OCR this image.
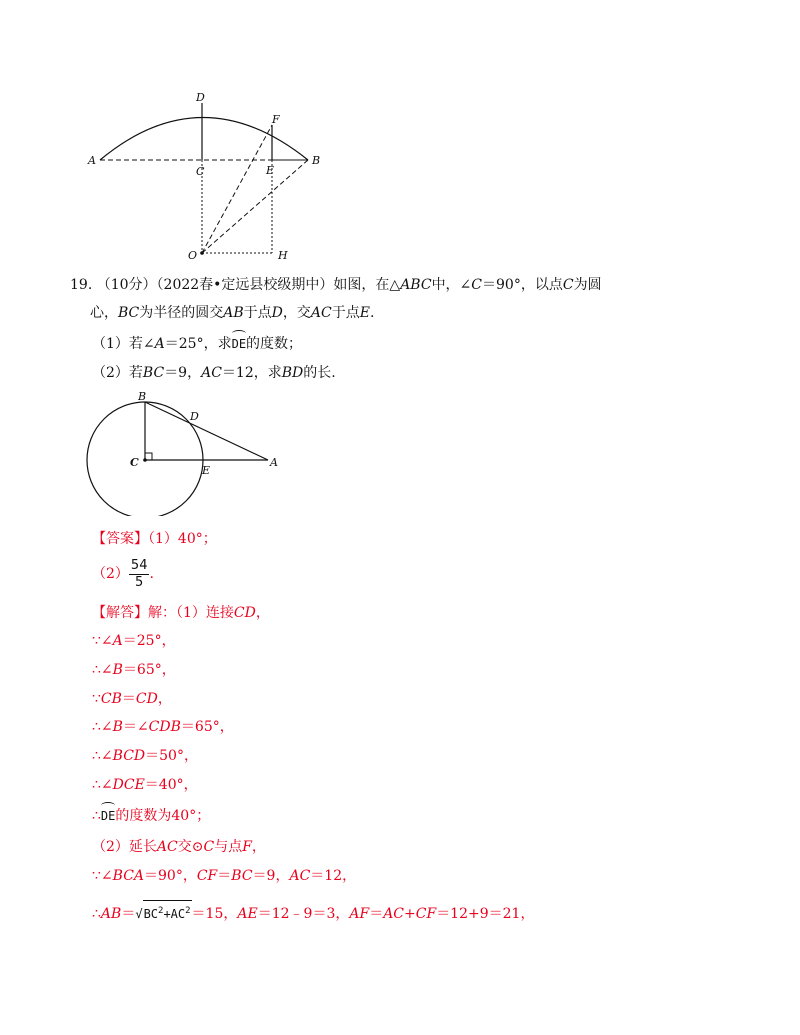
A	B
C
D
E
F
O	H
19. （10分）（2022春•定远县校级期中）如图，在△ABC中，∠C＝90°，以点C为圆
心，BC为半径的圆交AB于点D，交AC于点E.
（1）若∠A＝25°，求DE的度数；
（2）若BC＝9，AC＝12，求BD的长.
B
C
D
E
A
【答案】（1）40°；
$(2) \frac{54}{5}$ .
【解答】解：（1）连接CD，
∵∠A＝25°，
∴∠B＝65°，
∵CB＝CD，
∴∠B＝∠CDB＝65°，
∴∠BCD＝50°，
∴∠DCE＝40°，
∴DE的度数为40°；
（2）延长AC交⊙C与点F，
∵∠BCA＝90°，CF＝BC＝9，AC＝12，
$\therefore AB=√BC^2+AC^2=15$，AE＝12﹣9＝3，AF＝AC+CF＝12+9＝21，
